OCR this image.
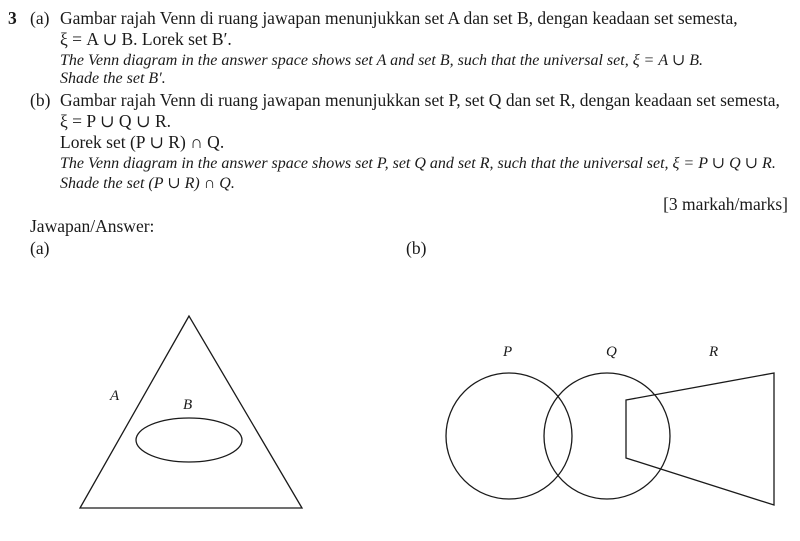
3 (a) Gambar rajah Venn di ruang jawapan menunjukkan set A dan set B, dengan keadaan set semesta,
ξ = A ∪ B. Lorek set B′.
The Venn diagram in the answer space shows set A and set B, such that the universal set, ξ = A ∪ B.
Shade the set B′.
(b) Gambar rajah Venn di ruang jawapan menunjukkan set P, set Q dan set R, dengan keadaan set semesta,
ξ = P ∪ Q ∪ R.
Lorek set (P ∪ R) ∩ Q.
The Venn diagram in the answer space shows set P, set Q and set R, such that the universal set, ξ = P ∪ Q ∪ R.
Shade the set (P ∪ R) ∩ Q.
[3 markah/marks]
Jawapan/Answer:
(a)	(b)
A
B
P	Q	R
